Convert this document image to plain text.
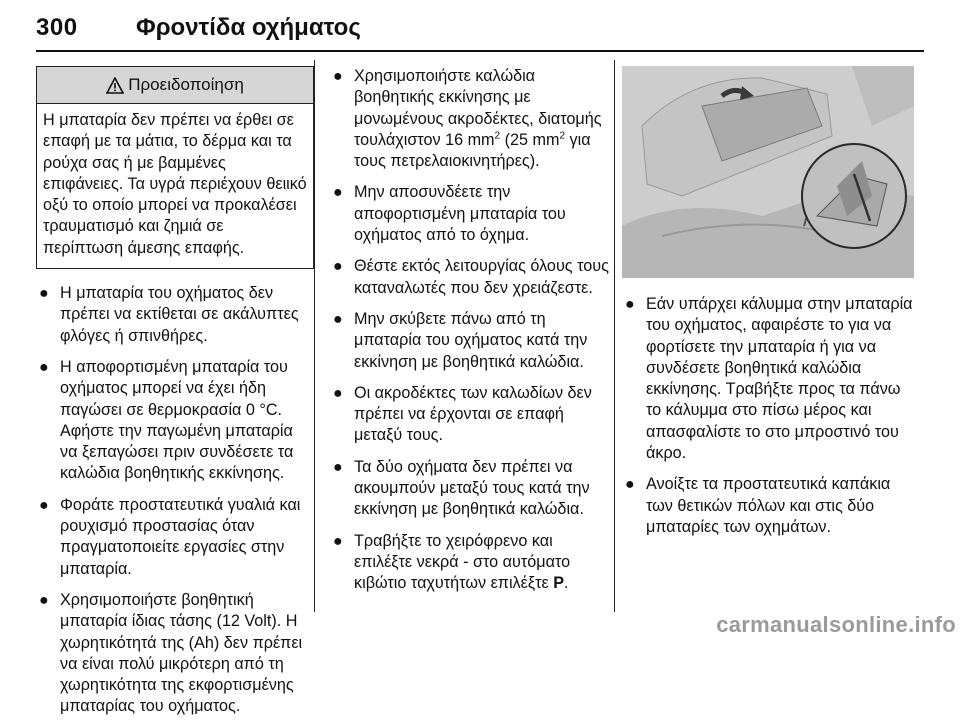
300 Φροντίδα οχήματος
Προειδοποίηση
Η μπαταρία δεν πρέπει να έρθει σε επαφή με τα μάτια, το δέρμα και τα ρούχα σας ή με βαμμένες επιφάνειες. Τα υγρά περιέχουν θειικό οξύ το οποίο μπορεί να προκαλέσει τραυματισμό και ζημιά σε περίπτωση άμεσης επαφής.
● Η μπαταρία του οχήματος δεν πρέπει να εκτίθεται σε ακάλυπτες φλόγες ή σπινθήρες.
● Η αποφορτισμένη μπαταρία του οχήματος μπορεί να έχει ήδη παγώσει σε θερμοκρασία 0 °C. Αφήστε την παγωμένη μπαταρία να ξεπαγώσει πριν συνδέσετε τα καλώδια βοηθητικής εκκίνησης.
● Φοράτε προστατευτικά γυαλιά και ρουχισμό προστασίας όταν πραγματοποιείτε εργασίες στην μπαταρία.
● Χρησιμοποιήστε βοηθητική μπαταρία ίδιας τάσης (12 Volt). Η χωρητικότητά της (Ah) δεν πρέπει να είναι πολύ μικρότερη από τη χωρητικότητα της εκφορτισμένης μπαταρίας του οχήματος.
● Χρησιμοποιήστε καλώδια βοηθητικής εκκίνησης με μονωμένους ακροδέκτες, διατομής τουλάχιστον 16 $mm^2$ (25 $mm^2$ για τους πετρελαιοκινητήρες).
● Μην αποσυνδέετε την αποφορτισμένη μπαταρία του οχήματος από το όχημα.
● Θέστε εκτός λειτουργίας όλους τους καταναλωτές που δεν χρειάζεστε.
● Μην σκύβετε πάνω από τη μπαταρία του οχήματος κατά την εκκίνηση με βοηθητικά καλώδια.
● Οι ακροδέκτες των καλωδίων δεν πρέπει να έρχονται σε επαφή μεταξύ τους.
● Τα δύο οχήματα δεν πρέπει να ακουμπούν μεταξύ τους κατά την εκκίνηση με βοηθητικά καλώδια.
● Τραβήξτε το χειρόφρενο και επιλέξτε νεκρά - στο αυτόματο κιβώτιο ταχυτήτων επιλέξτε P.
● Εάν υπάρχει κάλυμμα στην μπαταρία του οχήματος, αφαιρέστε το για να φορτίσετε την μπαταρία ή για να συνδέσετε βοηθητικά καλώδια εκκίνησης. Τραβήξτε προς τα πάνω το κάλυμμα στο πίσω μέρος και απασφαλίστε το στο μπροστινό του άκρο.
● Ανοίξτε τα προστατευτικά καπάκια των θετικών πόλων και στις δύο μπαταρίες των οχημάτων.
carmanualsonline.info
